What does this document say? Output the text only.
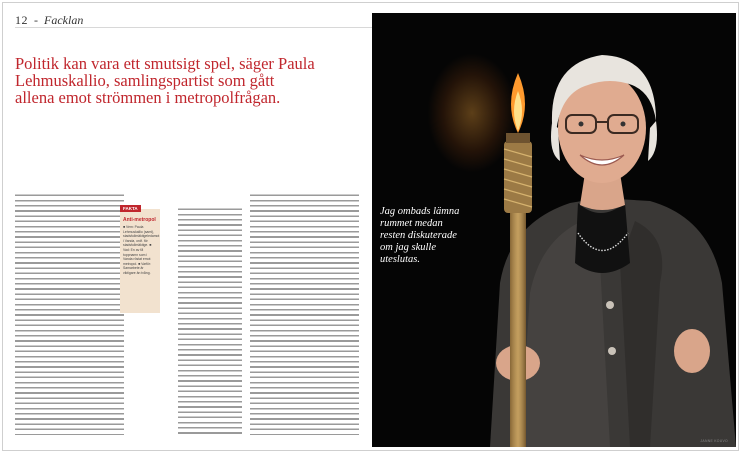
12 - Facklan
Politik kan vara ett smutsigt spel, säger Paula Lehmuskallio, samlingspartist som gått allena emot strömmen i metropolfrågan.
FAKTA
Anti-metropol
■ Vem: Paula Lehmuskallio (saml), stadsfullmäktigeledamot i Vanda, ordf. för stadsfullmäktige. ■ Vad: En av få toppnamn som i Vanda röstat emot metropol. ■ Varför: Samarbete är viktigare än tvång.
Jag ombads lämna rummet medan resten diskuterade om jag skulle uteslutas.
JANNE KOUVO
